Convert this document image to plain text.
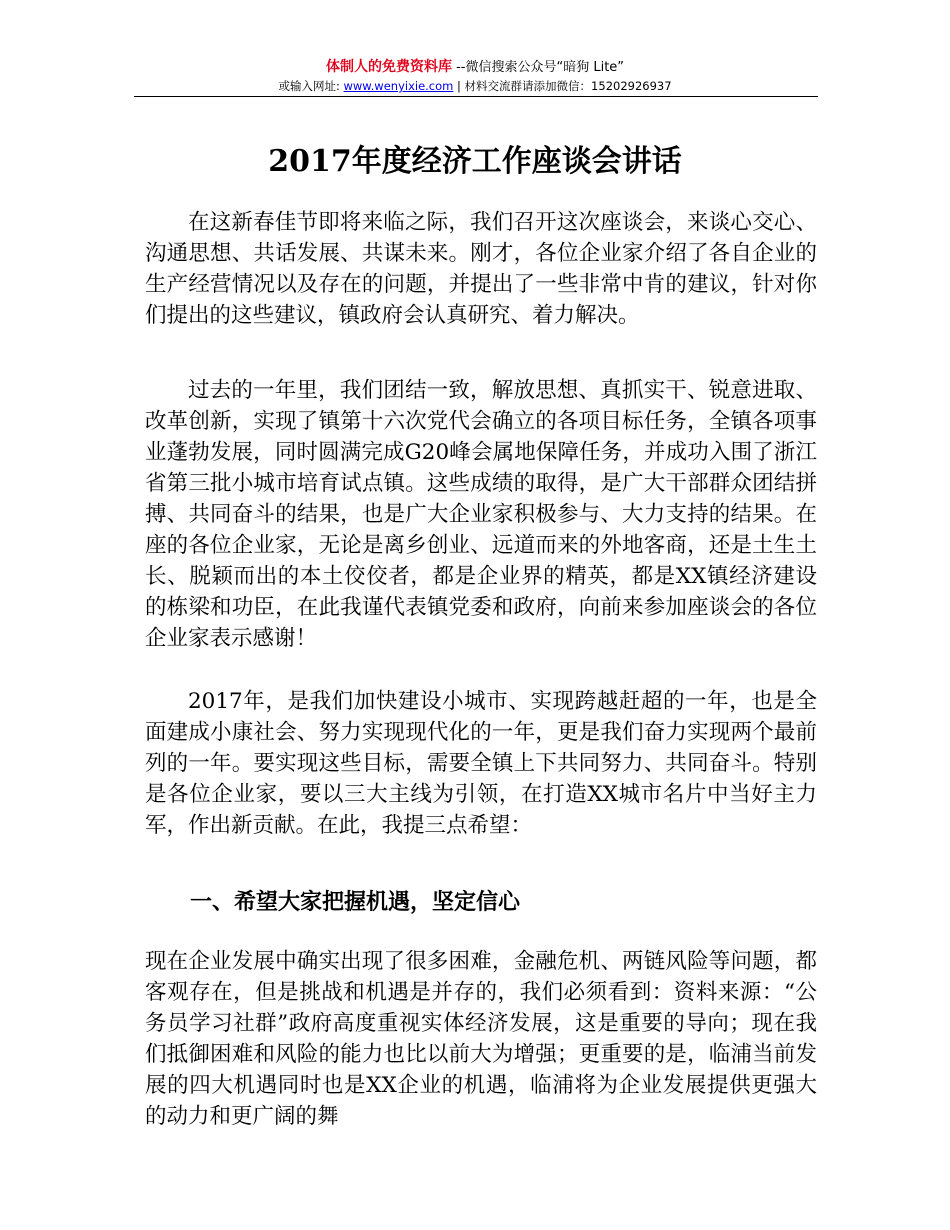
体制人的免费资料库 --微信搜索公众号“暗狗 Lite”
或输入网址: www.wenyixie.com | 材料交流群请添加微信：15202926937
2017年度经济工作座谈会讲话

在这新春佳节即将来临之际，我们召开这次座谈会，来谈心交心、沟通思想、共话发展、共谋未来。刚才，各位企业家介绍了各自企业的生产经营情况以及存在的问题，并提出了一些非常中肯的建议，针对你们提出的这些建议，镇政府会认真研究、着力解决。

过去的一年里，我们团结一致，解放思想、真抓实干、锐意进取、改革创新，实现了镇第十六次党代会确立的各项目标任务，全镇各项事业蓬勃发展，同时圆满完成G20峰会属地保障任务，并成功入围了浙江省第三批小城市培育试点镇。这些成绩的取得，是广大干部群众团结拼搏、共同奋斗的结果，也是广大企业家积极参与、大力支持的结果。在座的各位企业家，无论是离乡创业、远道而来的外地客商，还是土生土长、脱颖而出的本土佼佼者，都是企业界的精英，都是XX镇经济建设的栋梁和功臣，在此我谨代表镇党委和政府，向前来参加座谈会的各位企业家表示感谢！

2017年，是我们加快建设小城市、实现跨越赶超的一年，也是全面建成小康社会、努力实现现代化的一年，更是我们奋力实现两个最前列的一年。要实现这些目标，需要全镇上下共同努力、共同奋斗。特别是各位企业家，要以三大主线为引领，在打造XX城市名片中当好主力军，作出新贡献。在此，我提三点希望：

一、希望大家把握机遇，坚定信心

现在企业发展中确实出现了很多困难，金融危机、两链风险等问题，都客观存在，但是挑战和机遇是并存的，我们必须看到：资料来源：“公务员学习社群”政府高度重视实体经济发展，这是重要的导向；现在我们抵御困难和风险的能力也比以前大为增强；更重要的是，临浦当前发展的四大机遇同时也是XX企业的机遇，临浦将为企业发展提供更强大的动力和更广阔的舞
